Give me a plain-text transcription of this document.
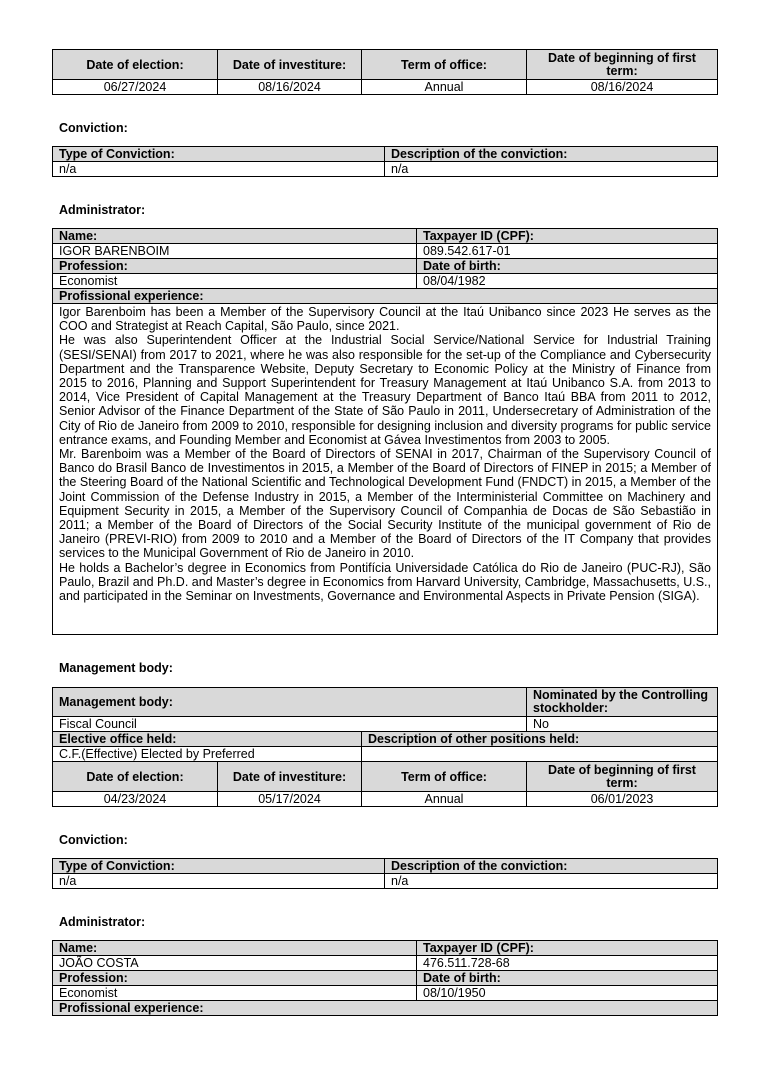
Date of election:	Date of investiture:	Term of office:	Date of beginning of first term:
06/27/2024	08/16/2024	Annual	08/16/2024
Conviction:
Type of Conviction:	Description of the conviction:
n/a	n/a
Administrator:
Name:	Taxpayer ID (CPF):
IGOR BARENBOIM	089.542.617-01
Profession:	Date of birth:
Economist	08/04/1982
Profissional experience:	

Igor Barenboim has been a Member of the Supervisory Council at the Itaú Unibanco since 2023 He serves as the COO and Strategist at Reach Capital, São Paulo, since 2021.

He was also Superintendent Officer at the Industrial Social Service/National Service for Industrial Training (SESI/SENAI) from 2017 to 2021, where he was also responsible for the set-up of the Compliance and Cybersecurity Department and the Transparence Website, Deputy Secretary to Economic Policy at the Ministry of Finance from 2015 to 2016, Planning and Support Superintendent for Treasury Management at Itaú Unibanco S.A. from 2013 to 2014, Vice President of Capital Management at the Treasury Department of Banco Itaú BBA from 2011 to 2012, Senior Advisor of the Finance Department of the State of São Paulo in 2011, Undersecretary of Administration of the City of Rio de Janeiro from 2009 to 2010, responsible for designing inclusion and diversity programs for public service entrance exams, and Founding Member and Economist at Gávea Investimentos from 2003 to 2005.

Mr. Barenboim was a Member of the Board of Directors of SENAI in 2017, Chairman of the Supervisory Council of Banco do Brasil Banco de Investimentos in 2015, a Member of the Board of Directors of FINEP in 2015; a Member of the Steering Board of the National Scientific and Technological Development Fund (FNDCT) in 2015, a Member of the Joint Commission of the Defense Industry in 2015, a Member of the Interministerial Committee on Machinery and Equipment Security in 2015, a Member of the Supervisory Council of Companhia de Docas de São Sebastião in 2011; a Member of the Board of Directors of the Social Security Institute of the municipal government of Rio de Janeiro (PREVI-RIO) from 2009 to 2010 and a Member of the Board of Directors of the IT Company that provides services to the Municipal Government of Rio de Janeiro in 2010.

He holds a Bachelor’s degree in Economics from Pontifícia Universidade Católica do Rio de Janeiro (PUC-RJ), São Paulo, Brazil and Ph.D. and Master’s degree in Economics from Harvard University, Cambridge, Massachusetts, U.S., and participated in the Seminar on Investments, Governance and Environmental Aspects in Private Pension (SIGA).	

Management body:
Management body:			Nominated by the Controlling stockholder:
Fiscal Council			No
Elective office held:		Description of other positions held:	
C.F.(Effective) Elected by Preferred			
Date of election:	Date of investiture:	Term of office:	Date of beginning of first term:
04/23/2024	05/17/2024	Annual	06/01/2023
Conviction:
Type of Conviction:	Description of the conviction:
n/a	n/a
Administrator:
Name:	Taxpayer ID (CPF):
JOÃO COSTA	476.511.728-68
Profession:	Date of birth:
Economist	08/10/1950
Profissional experience:	
